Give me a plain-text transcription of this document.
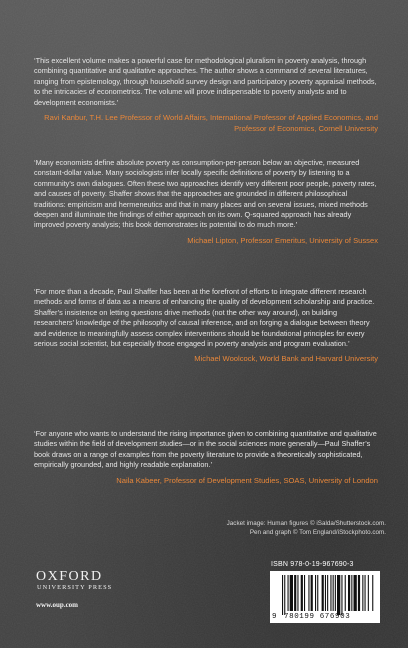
‘This excellent volume makes a powerful case for methodological pluralism in poverty analysis, through combining quantitative and qualitative approaches. The author shows a command of several literatures, ranging from epistemology, through household survey design and participatory poverty appraisal methods, to the intricacies of econometrics. The volume will prove indispensable to poverty analysts and to development economists.’

Ravi Kanbur, T.H. Lee Professor of World Affairs, International Professor of Applied Economics, and Professor of Economics, Cornell University

‘Many economists define absolute poverty as consumption-per-person below an objective, measured constant-dollar value. Many sociologists infer locally specific definitions of poverty by listening to a community’s own dialogues. Often these two approaches identify very different poor people, poverty rates, and causes of poverty. Shaffer shows that the approaches are grounded in different philosophical traditions: empiricism and hermeneutics and that in many places and on several issues, mixed methods deepen and illuminate the findings of either approach on its own. Q-squared approach has already improved poverty analysis; this book demonstrates its potential to do much more.’

Michael Lipton, Professor Emeritus, University of Sussex

‘For more than a decade, Paul Shaffer has been at the forefront of efforts to integrate different research methods and forms of data as a means of enhancing the quality of development scholarship and practice. Shaffer’s insistence on letting questions drive methods (not the other way around), on building researchers’ knowledge of the philosophy of causal inference, and on forging a dialogue between theory and evidence to meaningfully assess complex interventions should be foundational principles for every serious social scientist, but especially those engaged in poverty analysis and program evaluation.’

Michael Woolcock, World Bank and Harvard University

‘For anyone who wants to understand the rising importance given to combining quantitative and qualitative studies within the field of development studies—or in the social sciences more generally—Paul Shaffer’s book draws on a range of examples from the poverty literature to provide a theoretically sophisticated, empirically grounded, and highly readable explanation.’

Naila Kabeer, Professor of Development Studies, SOAS, University of London

Jacket image: Human figures © iSalda/Shutterstock.com.
Pen and graph © Tom England/iStockphoto.com.
OXFORD
UNIVERSITY PRESS
www.oup.com
ISBN 978-0-19-967690-3
9 780199 676903
